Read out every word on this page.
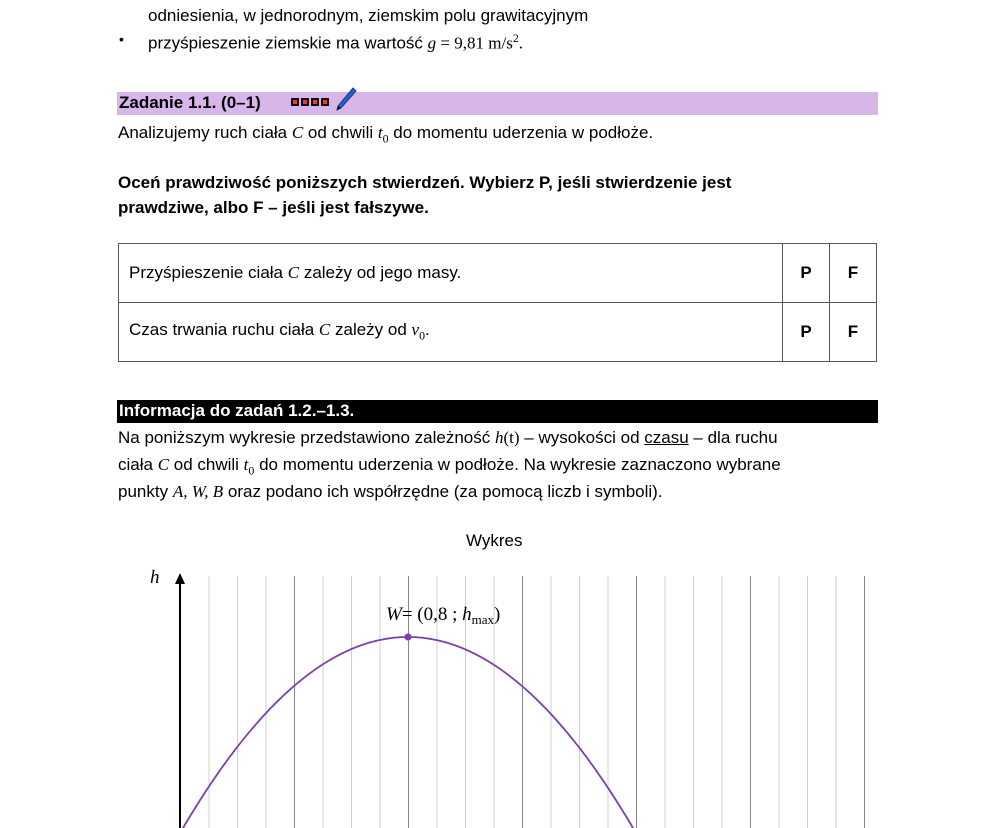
odniesienia, w jednorodnym, ziemskim polu grawitacyjnym
• przyśpieszenie ziemskie ma wartość g = 9,81 $m/s^2$.
Zadanie 1.1. (0–1)
Analizujemy ruch ciała C od chwili $t_0$ do momentu uderzenia w podłoże.
Oceń prawdziwość poniższych stwierdzeń. Wybierz P, jeśli stwierdzenie jest
prawdziwe, albo F – jeśli jest fałszywe.
Przyśpieszenie ciała C zależy od jego masy.	P	F
Czas trwania ruchu ciała C zależy od $v_0$.	P	F
Informacja do zadań 1.2.–1.3.
Na poniższym wykresie przedstawiono zależność h(t) – wysokości od czasu – dla ruchu
ciała C od chwili $t_0$ do momentu uderzenia w podłoże. Na wykresie zaznaczono wybrane
punkty A, W, B oraz podano ich współrzędne (za pomocą liczb i symboli).
Wykres
h
W= (0,8 ; $h_{max}$)
